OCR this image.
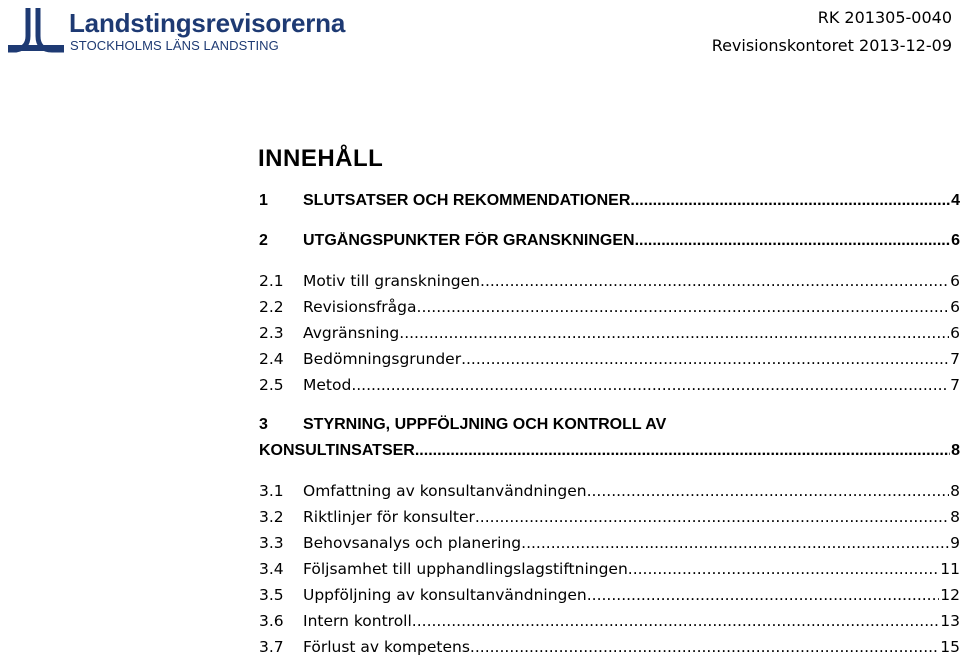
Landstingsrevisorerna
STOCKHOLMS LÄNS LANDSTING
RK 201305-0040
Revisionskontoret 2013-12-09
INNEHÅLL
1	SLUTSATSER OCH REKOMMENDATIONER .....	4
2	UTGÅNGSPUNKTER FÖR GRANSKNINGEN .....	6
2.1	Motiv till granskningen .....	6
2.2	Revisionsfråga .....	6
2.3	Avgränsning .....	6
2.4	Bedömningsgrunder .....	7
2.5	Metod .....	7
3 STYRNING, UPPFÖLJNING OCH KONTROLL AV
KONSULTINSATSER .....	8
3.1	Omfattning av konsultanvändningen .....	8
3.2	Riktlinjer för konsulter .....	8
3.3	Behovsanalys och planering .....	9
3.4	Följsamhet till upphandlingslagstiftningen .....	11
3.5	Uppföljning av konsultanvändningen .....	12
3.6	Intern kontroll .....	13
3.7	Förlust av kompetens .....	15
